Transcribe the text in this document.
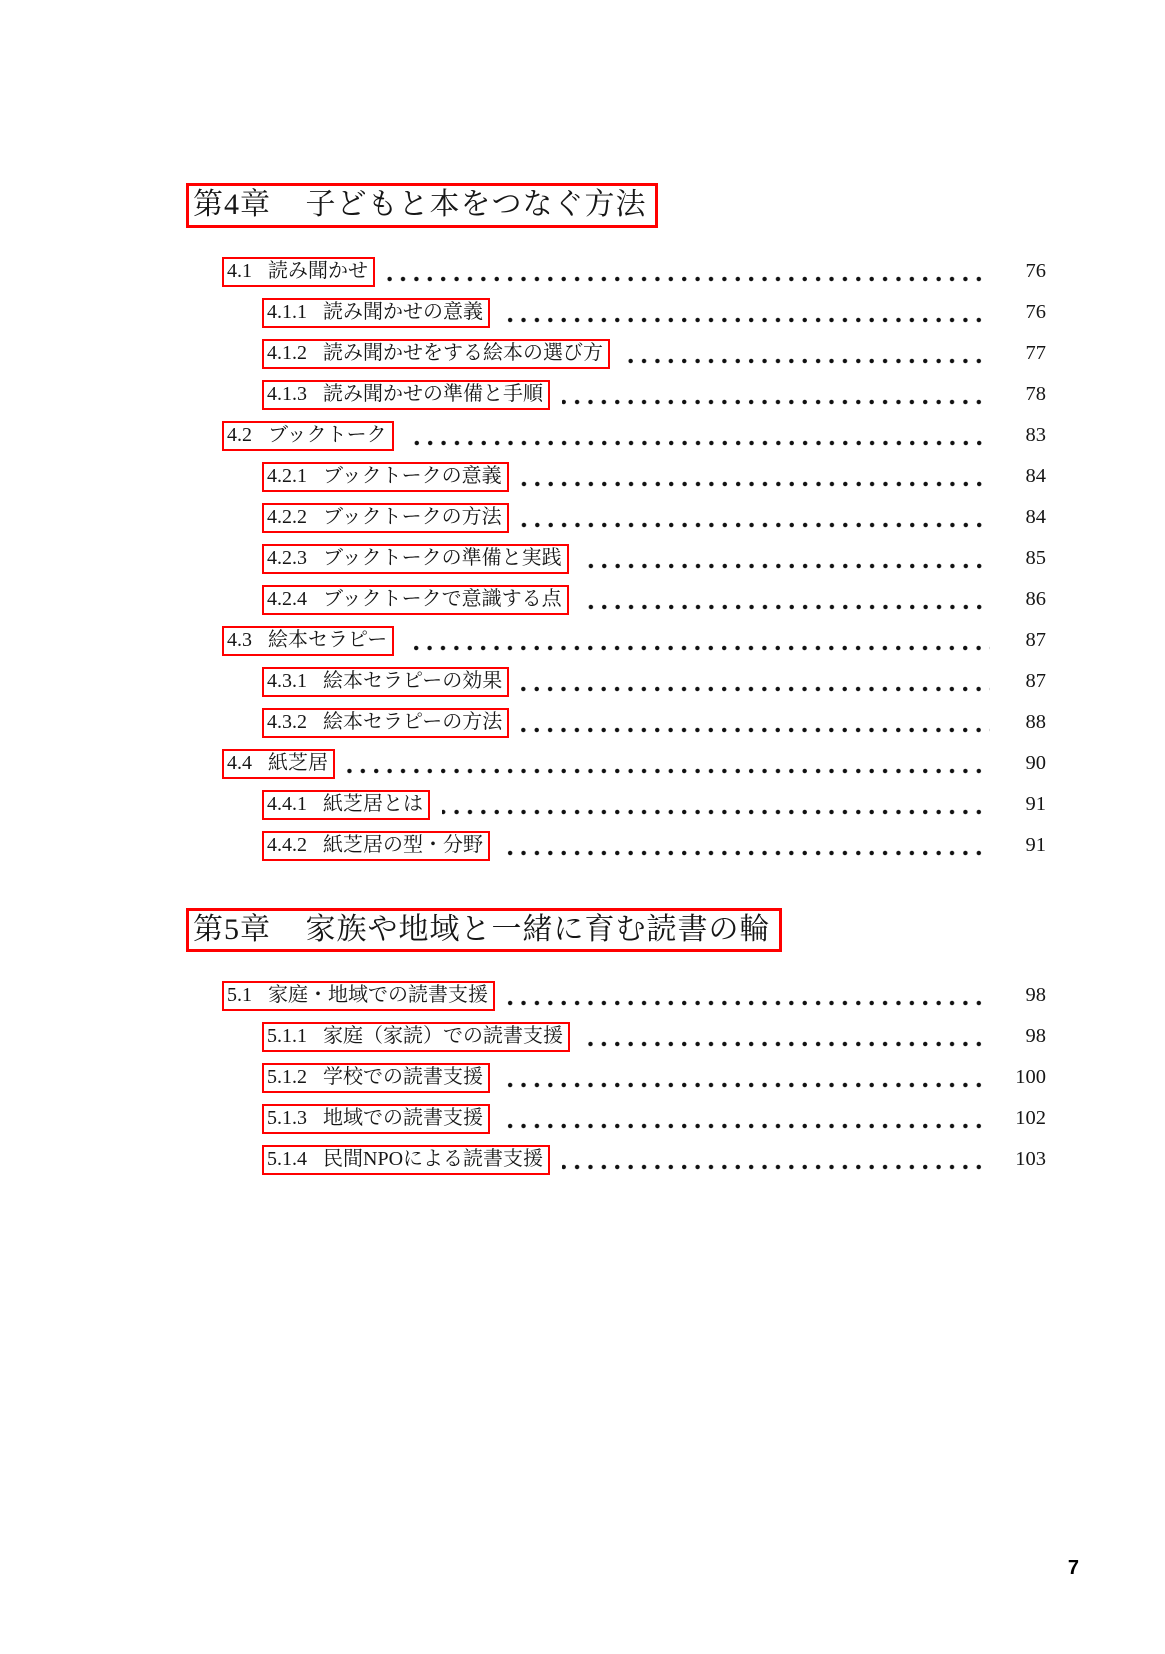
第4章 子どもと本をつなぐ方法
4.1 読み聞かせ	76
4.1.1 読み聞かせの意義	76
4.1.2 読み聞かせをする絵本の選び方	77
4.1.3 読み聞かせの準備と手順	78
4.2 ブックトーク	83
4.2.1 ブックトークの意義	84
4.2.2 ブックトークの方法	84
4.2.3 ブックトークの準備と実践	85
4.2.4 ブックトークで意識する点	86
4.3 絵本セラピー	87
4.3.1 絵本セラピーの効果	87
4.3.2 絵本セラピーの方法	88
4.4 紙芝居	90
4.4.1 紙芝居とは	91
4.4.2 紙芝居の型・分野	91
第5章 家族や地域と一緒に育む読書の輪
5.1 家庭・地域での読書支援	98
5.1.1 家庭（家読）での読書支援	98
5.1.2 学校での読書支援	100
5.1.3 地域での読書支援	102
5.1.4 民間NPOによる読書支援	103
7
